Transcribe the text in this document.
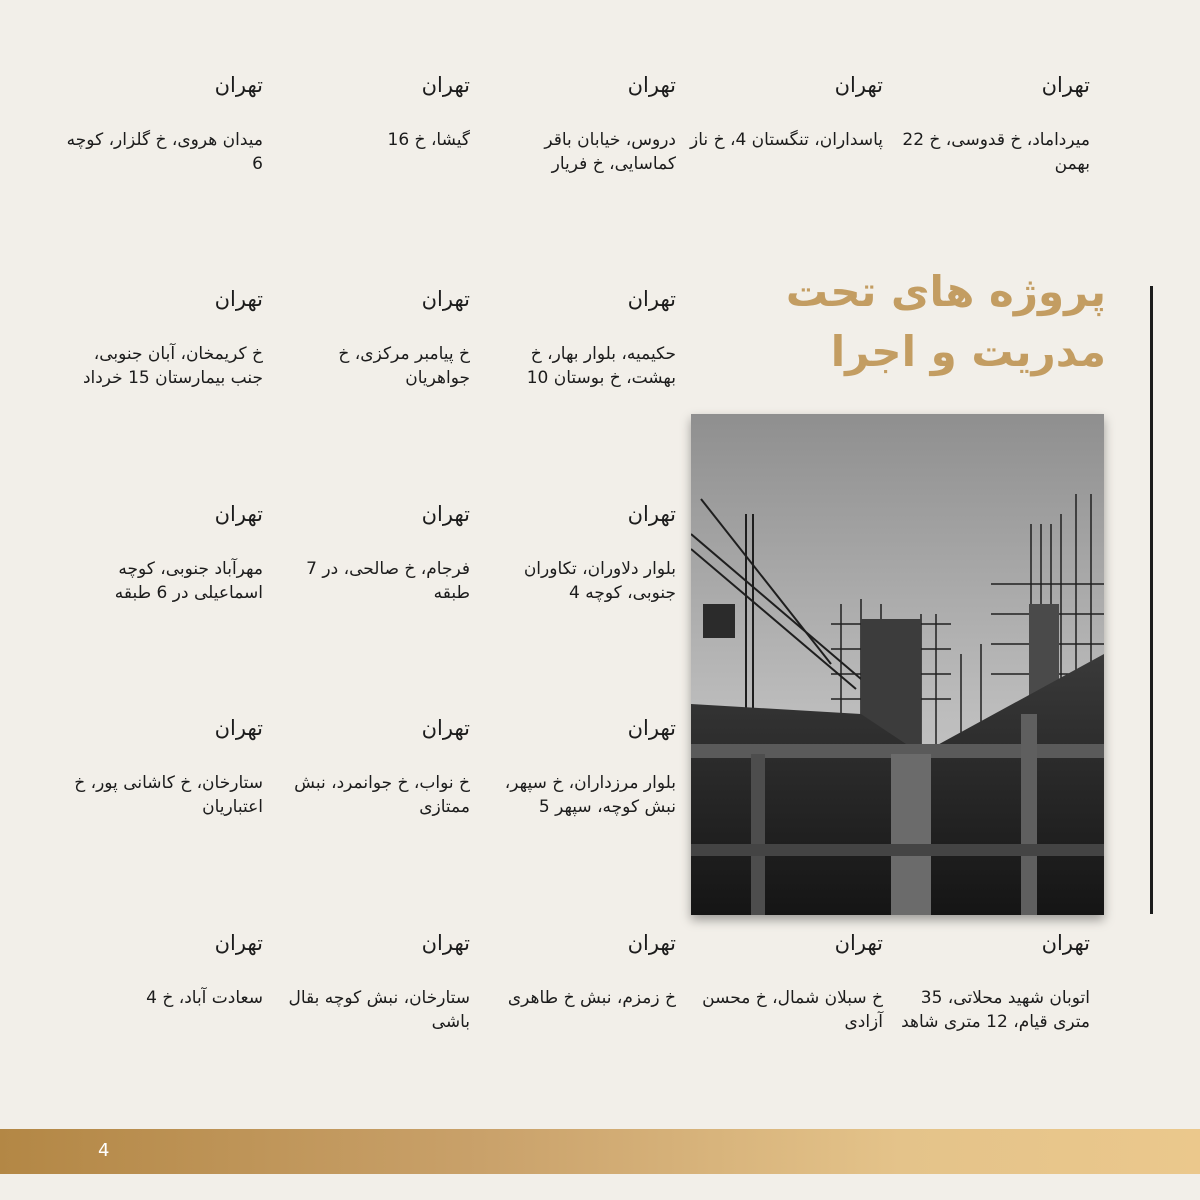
تهران
میرداماد، خ قدوسی، خ 22 بهمن
تهران
پاسداران، تنگستان 4، خ ناز
تهران
دروس، خیابان باقر کماسایی، خ فریار
تهران
گیشا، خ 16
تهران
میدان هروی، خ گلزار، کوچه 6
پروژه های تحت
مدریت و اجرا
تهران
حکیمیه، بلوار بهار، خ بهشت، خ بوستان 10
تهران
خ پیامبر مرکزی، خ جواهریان
تهران
خ کریمخان، آبان جنوبی، جنب بیمارستان 15 خرداد
تهران
بلوار دلاوران، تکاوران جنوبی، کوچه 4
تهران
فرجام، خ صالحی، در 7 طبقه
تهران
مهرآباد جنوبی، کوچه اسماعیلی در 6 طبقه
تهران
بلوار مرزداران، خ سپهر، نبش کوچه، سپهر 5
تهران
خ نواب، خ جوانمرد، نبش ممتازی
تهران
ستارخان، خ کاشانی پور، خ اعتباریان
تهران
اتوبان شهید محلاتی، 35 متری قیام، 12 متری شاهد
تهران
خ سبلان شمال، خ محسن آزادی
تهران
خ زمزم، نبش خ طاهری
تهران
ستارخان، نبش کوچه بقال باشی
تهران
سعادت آباد، خ 4
4
